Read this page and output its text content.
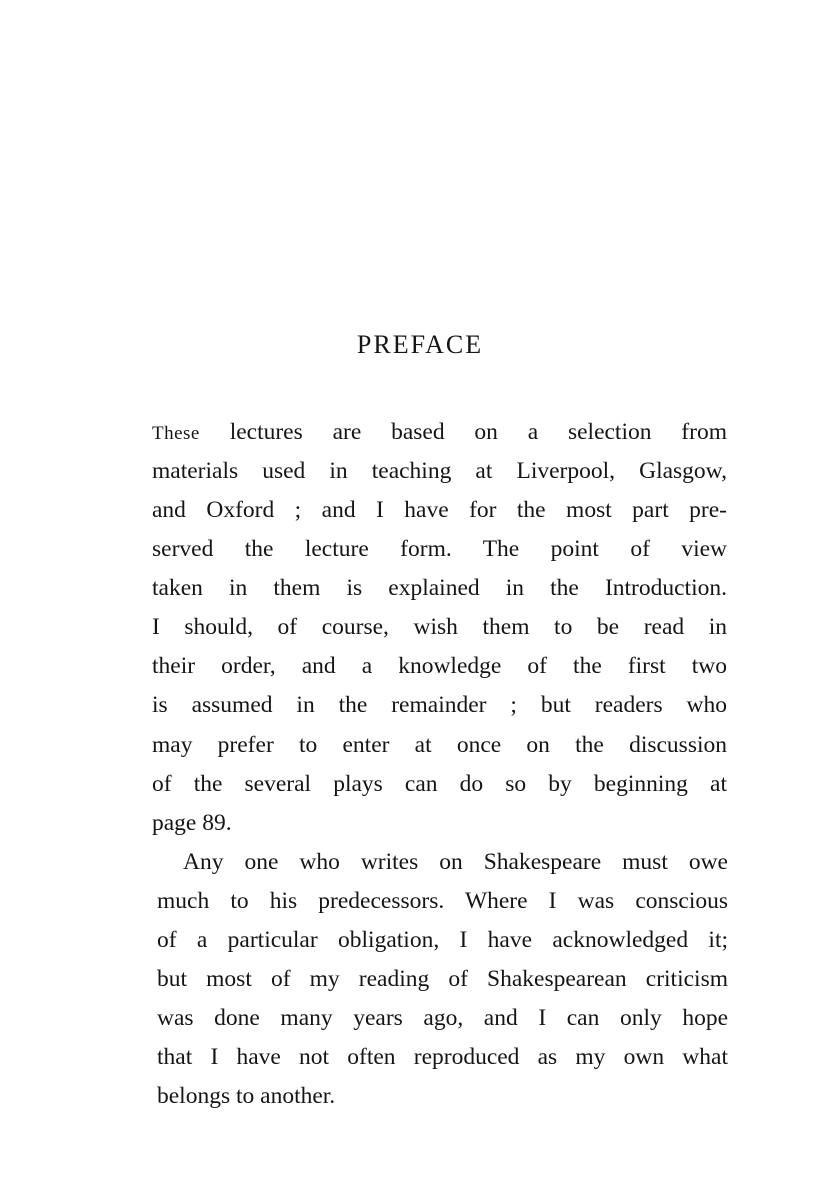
PREFACE
These lectures are based on a selection from
materials used in teaching at Liverpool, Glasgow,
and Oxford ; and I have for the most part pre-
served the lecture form. The point of view
taken in them is explained in the Introduction.
I should, of course, wish them to be read in
their order, and a knowledge of the first two
is assumed in the remainder ; but readers who
may prefer to enter at once on the discussion
of the several plays can do so by beginning at
page 89.
Any one who writes on Shakespeare must owe
much to his predecessors. Where I was conscious
of a particular obligation, I have acknowledged it;
but most of my reading of Shakespearean criticism
was done many years ago, and I can only hope
that I have not often reproduced as my own what
belongs to another.
